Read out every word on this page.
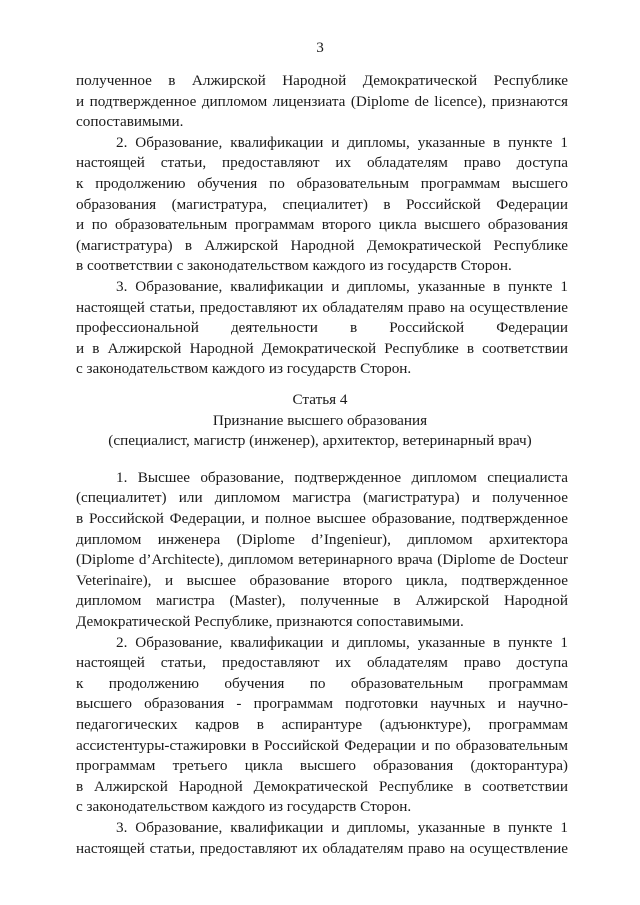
3
полученное в Алжирской Народной Демократической Республике
и подтвержденное дипломом лицензиата (Diplome de licence), признаются
сопоставимыми.
2. Образование, квалификации и дипломы, указанные в пункте 1
настоящей статьи, предоставляют их обладателям право доступа
к продолжению обучения по образовательным программам высшего
образования (магистратура, специалитет) в Российской Федерации
и по образовательным программам второго цикла высшего образования
(магистратура) в Алжирской Народной Демократической Республике
в соответствии с законодательством каждого из государств Сторон.
3. Образование, квалификации и дипломы, указанные в пункте 1
настоящей статьи, предоставляют их обладателям право на осуществление
профессиональной деятельности в Российской Федерации
и в Алжирской Народной Демократической Республике в соответствии
с законодательством каждого из государств Сторон.
Статья 4
Признание высшего образования
(специалист, магистр (инженер), архитектор, ветеринарный врач)
1. Высшее образование, подтвержденное дипломом специалиста
(специалитет) или дипломом магистра (магистратура) и полученное
в Российской Федерации, и полное высшее образование, подтвержденное
дипломом инженера (Diplome d’Ingenieur), дипломом архитектора
(Diplome d’Architecte), дипломом ветеринарного врача (Diplome de Docteur
Veterinaire), и высшее образование второго цикла, подтвержденное
дипломом магистра (Master), полученные в Алжирской Народной
Демократической Республике, признаются сопоставимыми.
2. Образование, квалификации и дипломы, указанные в пункте 1
настоящей статьи, предоставляют их обладателям право доступа
к продолжению обучения по образовательным программам
высшего образования - программам подготовки научных и научно-
педагогических кадров в аспирантуре (адъюнктуре), программам
ассистентуры-стажировки в Российской Федерации и по образовательным
программам третьего цикла высшего образования (докторантура)
в Алжирской Народной Демократической Республике в соответствии
с законодательством каждого из государств Сторон.
3. Образование, квалификации и дипломы, указанные в пункте 1
настоящей статьи, предоставляют их обладателям право на осуществление
